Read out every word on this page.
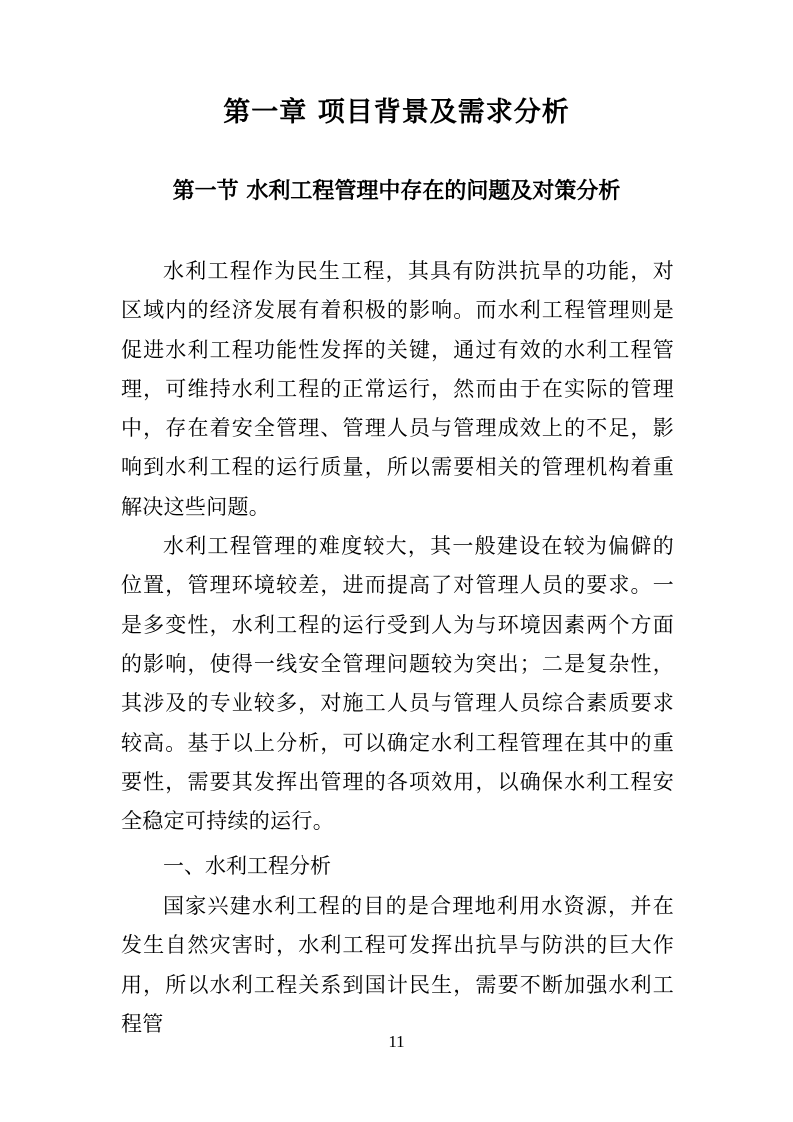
第一章 项目背景及需求分析
第一节 水利工程管理中存在的问题及对策分析

水利工程作为民生工程，其具有防洪抗旱的功能，对区域内的经济发展有着积极的影响。而水利工程管理则是促进水利工程功能性发挥的关键，通过有效的水利工程管理，可维持水利工程的正常运行，然而由于在实际的管理中，存在着安全管理、管理人员与管理成效上的不足，影响到水利工程的运行质量，所以需要相关的管理机构着重解决这些问题。

水利工程管理的难度较大，其一般建设在较为偏僻的位置，管理环境较差，进而提高了对管理人员的要求。一是多变性，水利工程的运行受到人为与环境因素两个方面的影响，使得一线安全管理问题较为突出；二是复杂性，其涉及的专业较多，对施工人员与管理人员综合素质要求较高。基于以上分析，可以确定水利工程管理在其中的重要性，需要其发挥出管理的各项效用，以确保水利工程安全稳定可持续的运行。

一、水利工程分析

国家兴建水利工程的目的是合理地利用水资源，并在发生自然灾害时，水利工程可发挥出抗旱与防洪的巨大作用，所以水利工程关系到国计民生，需要不断加强水利工程管

11
